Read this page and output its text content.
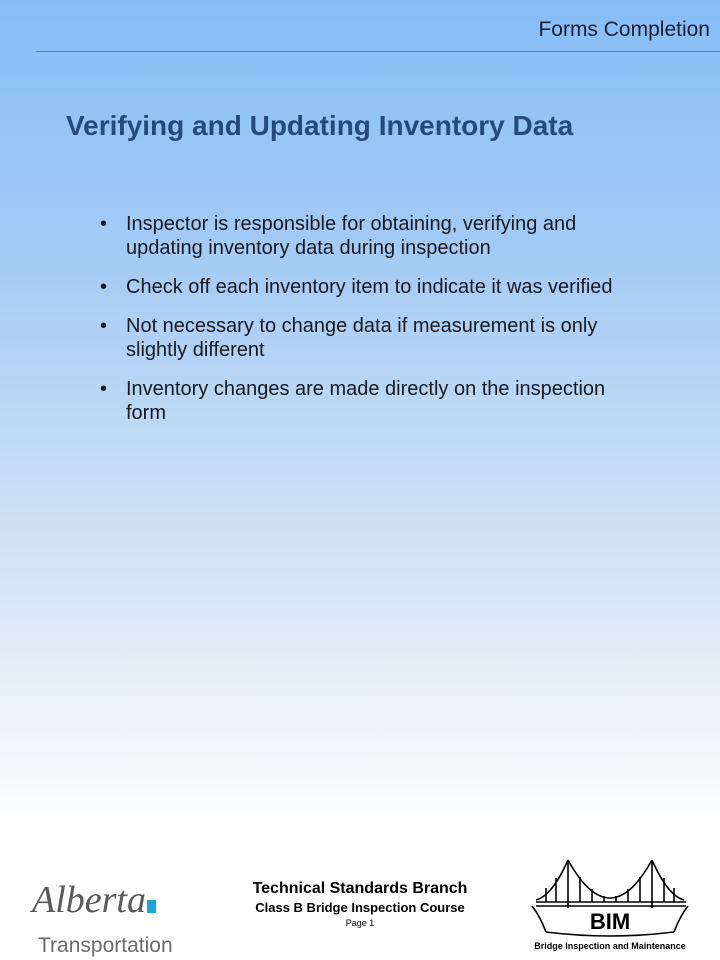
Forms Completion
Verifying and Updating Inventory Data
• Inspector is responsible for obtaining, verifying and updating inventory data during inspection
• Check off each inventory item to indicate it was verified
• Not necessary to change data if measurement is only slightly different
• Inventory changes are made directly on the inspection form
Alberta
Transportation
Technical Standards Branch
Class B Bridge Inspection Course
Page 1	BIM
Bridge Inspection and Maintenance
